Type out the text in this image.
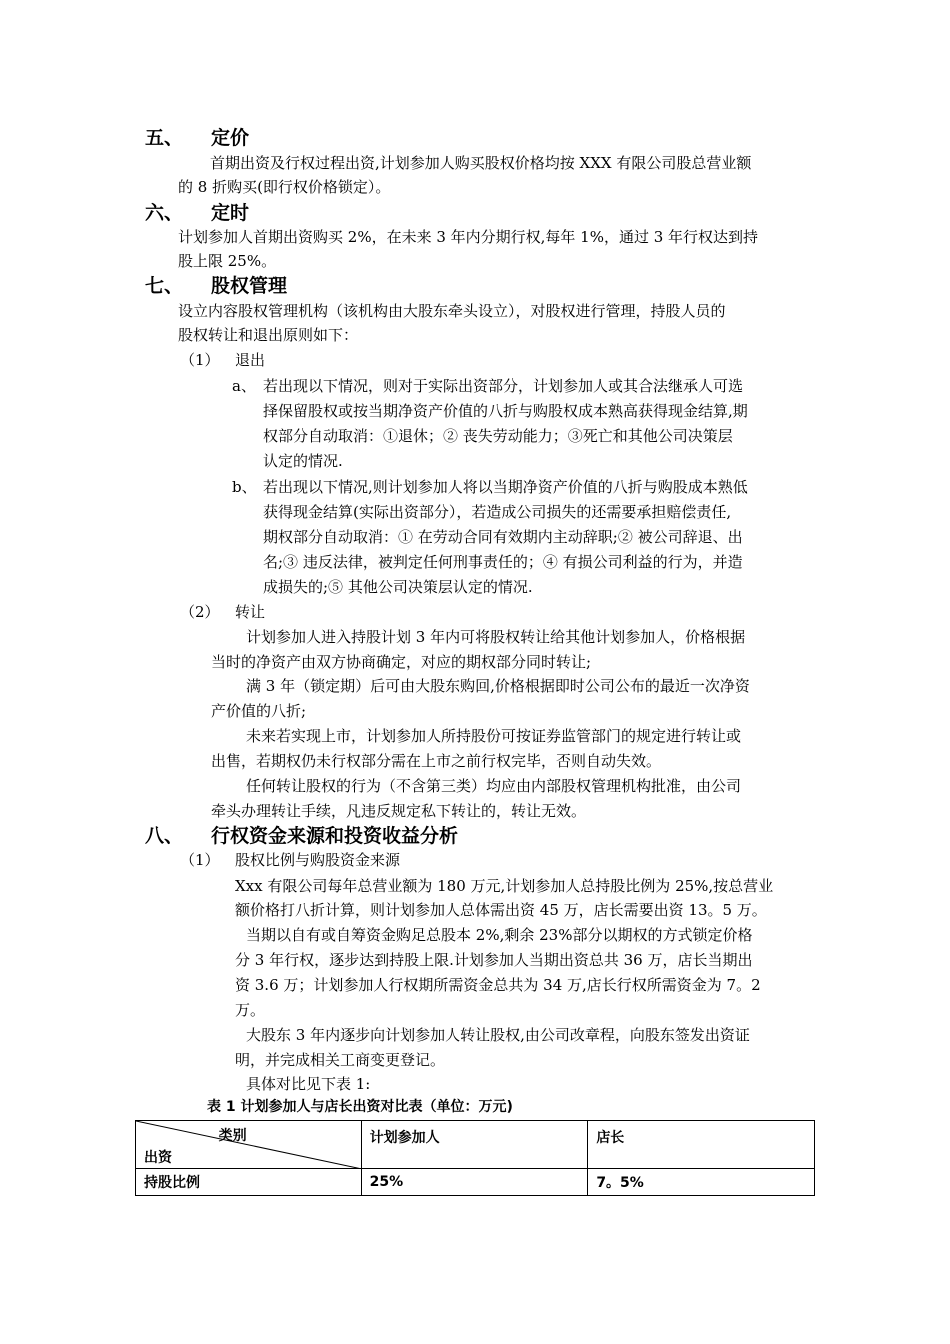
五、 定价
首期出资及行权过程出资,计划参加人购买股权价格均按 XXX 有限公司股总营业额
的 8 折购买(即行权价格锁定）。
六、 定时
计划参加人首期出资购买 2%，在未来 3 年内分期行权,每年 1%，通过 3 年行权达到持
股上限 25%。
七、 股权管理
设立内容股权管理机构（该机构由大股东牵头设立），对股权进行管理，持股人员的
股权转让和退出原则如下：
（1） 退出
a、 若出现以下情况，则对于实际出资部分，计划参加人或其合法继承人可选
择保留股权或按当期净资产价值的八折与购股权成本熟高获得现金结算,期
权部分自动取消：①退休；② 丧失劳动能力；③死亡和其他公司决策层
认定的情况.
b、 若出现以下情况,则计划参加人将以当期净资产价值的八折与购股成本熟低
获得现金结算(实际出资部分），若造成公司损失的还需要承担赔偿责任,
期权部分自动取消：① 在劳动合同有效期内主动辞职;② 被公司辞退、出
名;③ 违反法律，被判定任何刑事责任的；④ 有损公司利益的行为，并造
成损失的;⑤ 其他公司决策层认定的情况.
（2） 转让
计划参加人进入持股计划 3 年内可将股权转让给其他计划参加人，价格根据
当时的净资产由双方协商确定，对应的期权部分同时转让;
满 3 年（锁定期）后可由大股东购回,价格根据即时公司公布的最近一次净资
产价值的八折;
未来若实现上市，计划参加人所持股份可按证券监管部门的规定进行转让或
出售，若期权仍未行权部分需在上市之前行权完毕，否则自动失效。
任何转让股权的行为（不含第三类）均应由内部股权管理机构批准，由公司
牵头办理转让手续，凡违反规定私下转让的，转让无效。
八、 行权资金来源和投资收益分析
（1） 股权比例与购股资金来源
Xxx 有限公司每年总营业额为 180 万元,计划参加人总持股比例为 25%,按总营业
额价格打八折计算，则计划参加人总体需出资 45 万，店长需要出资 13。5 万。
当期以自有或自筹资金购足总股本 2%,剩余 23%部分以期权的方式锁定价格
分 3 年行权，逐步达到持股上限.计划参加人当期出资总共 36 万，店长当期出
资 3.6 万；计划参加人行权期所需资金总共为 34 万,店长行权所需资金为 7。2
万。
大股东 3 年内逐步向计划参加人转让股权,由公司改章程，向股东签发出资证
明，并完成相关工商变更登记。
具体对比见下表 1:
表 1 计划参加人与店长出资对比表（单位：万元)
类别
出资	计划参加人	店长
持股比例	25%	7。5%
